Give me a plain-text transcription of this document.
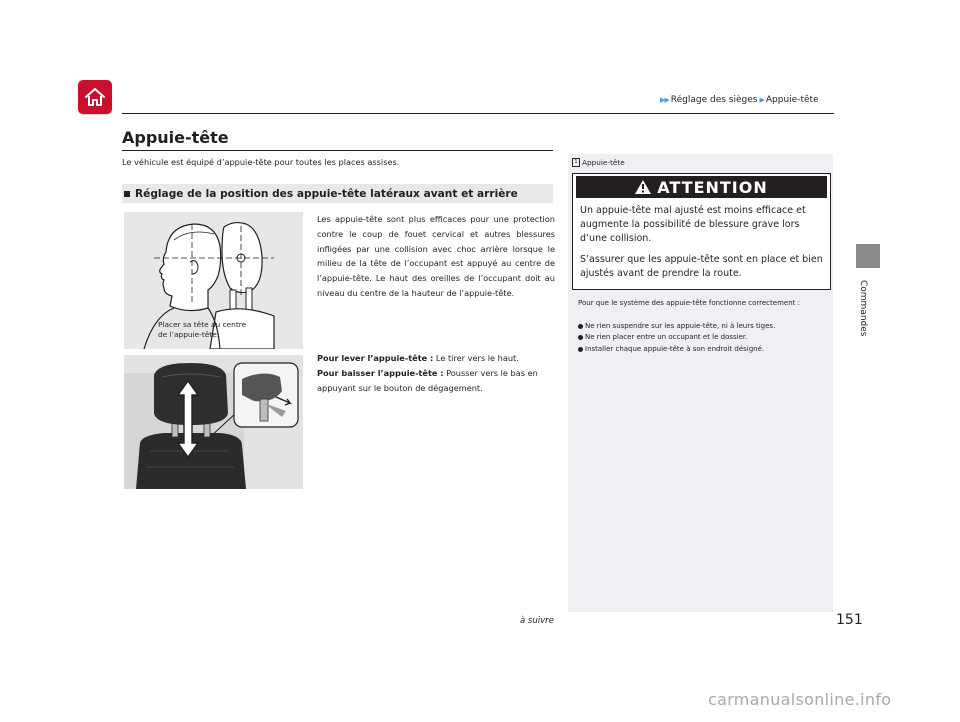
▶▶ Réglage des sièges ▶ Appuie-tête
Commandes
Appuie-tête
Le véhicule est équipé d’appuie-tête pour toutes les places assises.
Réglage de la position des appuie-tête latéraux avant et arrière
Placer sa tête au centre
de l’appuie-tête.
Les appuie-tête sont plus efficaces pour une protection contre le coup de fouet cervical et autres blessures infligées par une collision avec choc arrière lorsque le milieu de la tête de l’occupant est appuyé au centre de l’appuie-tête. Le haut des oreilles de l’occupant doit au niveau du centre de la hauteur de l’appuie-tête.
Pour lever l’appuie-tête : Le tirer vers le haut.
Pour baisser l’appuie-tête : Pousser vers le bas en appuyant sur le bouton de dégagement.
1 Appuie-tête
ATTENTION
Un appuie-tête mal ajusté est moins efficace et augmente la possibilité de blessure grave lors d’une collision.
S’assurer que les appuie-tête sont en place et bien ajustés avant de prendre la route.
Pour que le système des appuie-tête fonctionne correctement :
Ne rien suspendre sur les appuie-tête, ni à leurs tiges.
Ne rien placer entre un occupant et le dossier.
Installer chaque appuie-tête à son endroit désigné.
à suivre	151
carmanualsonline.info
